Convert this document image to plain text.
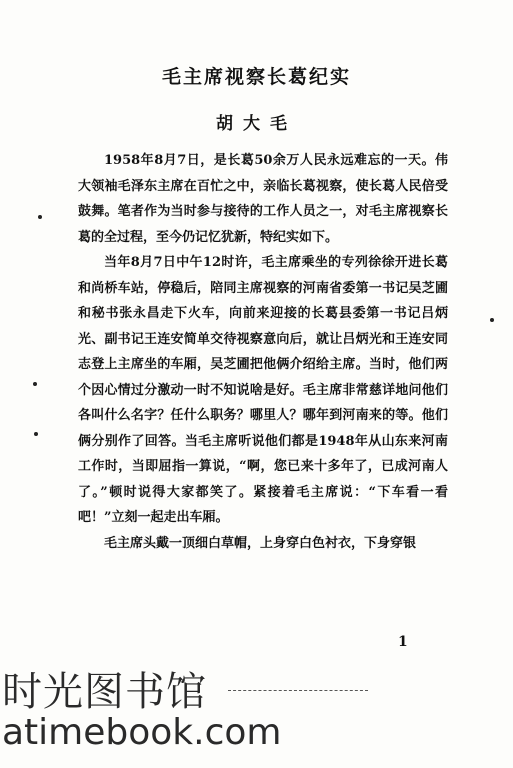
毛主席视察长葛纪实
胡大毛

1958年8月7日，是长葛50余万人民永远难忘的一天。伟大领袖毛泽东主席在百忙之中，亲临长葛视察，使长葛人民倍受鼓舞。笔者作为当时参与接待的工作人员之一，对毛主席视察长葛的全过程，至今仍记忆犹新，特纪实如下。

当年8月7日中午12时许，毛主席乘坐的专列徐徐开进长葛和尚桥车站，停稳后，陪同主席视察的河南省委第一书记吴芝圃和秘书张永昌走下火车，向前来迎接的长葛县委第一书记吕炳光、副书记王连安简单交待视察意向后，就让吕炳光和王连安同志登上主席坐的车厢，吴芝圃把他俩介绍给主席。当时，他们两个因心情过分激动一时不知说啥是好。毛主席非常慈详地问他们各叫什么名字？任什么职务？哪里人？哪年到河南来的等。他们俩分别作了回答。当毛主席听说他们都是1948年从山东来河南工作时，当即屈指一算说，“啊，您已来十多年了，已成河南人了。”顿时说得大家都笑了。紧接着毛主席说：“下车看一看吧！”立刻一起走出车厢。

毛主席头戴一顶细白草帽，上身穿白色衬衣，下身穿银

1
时光图书馆
atimebook.com
